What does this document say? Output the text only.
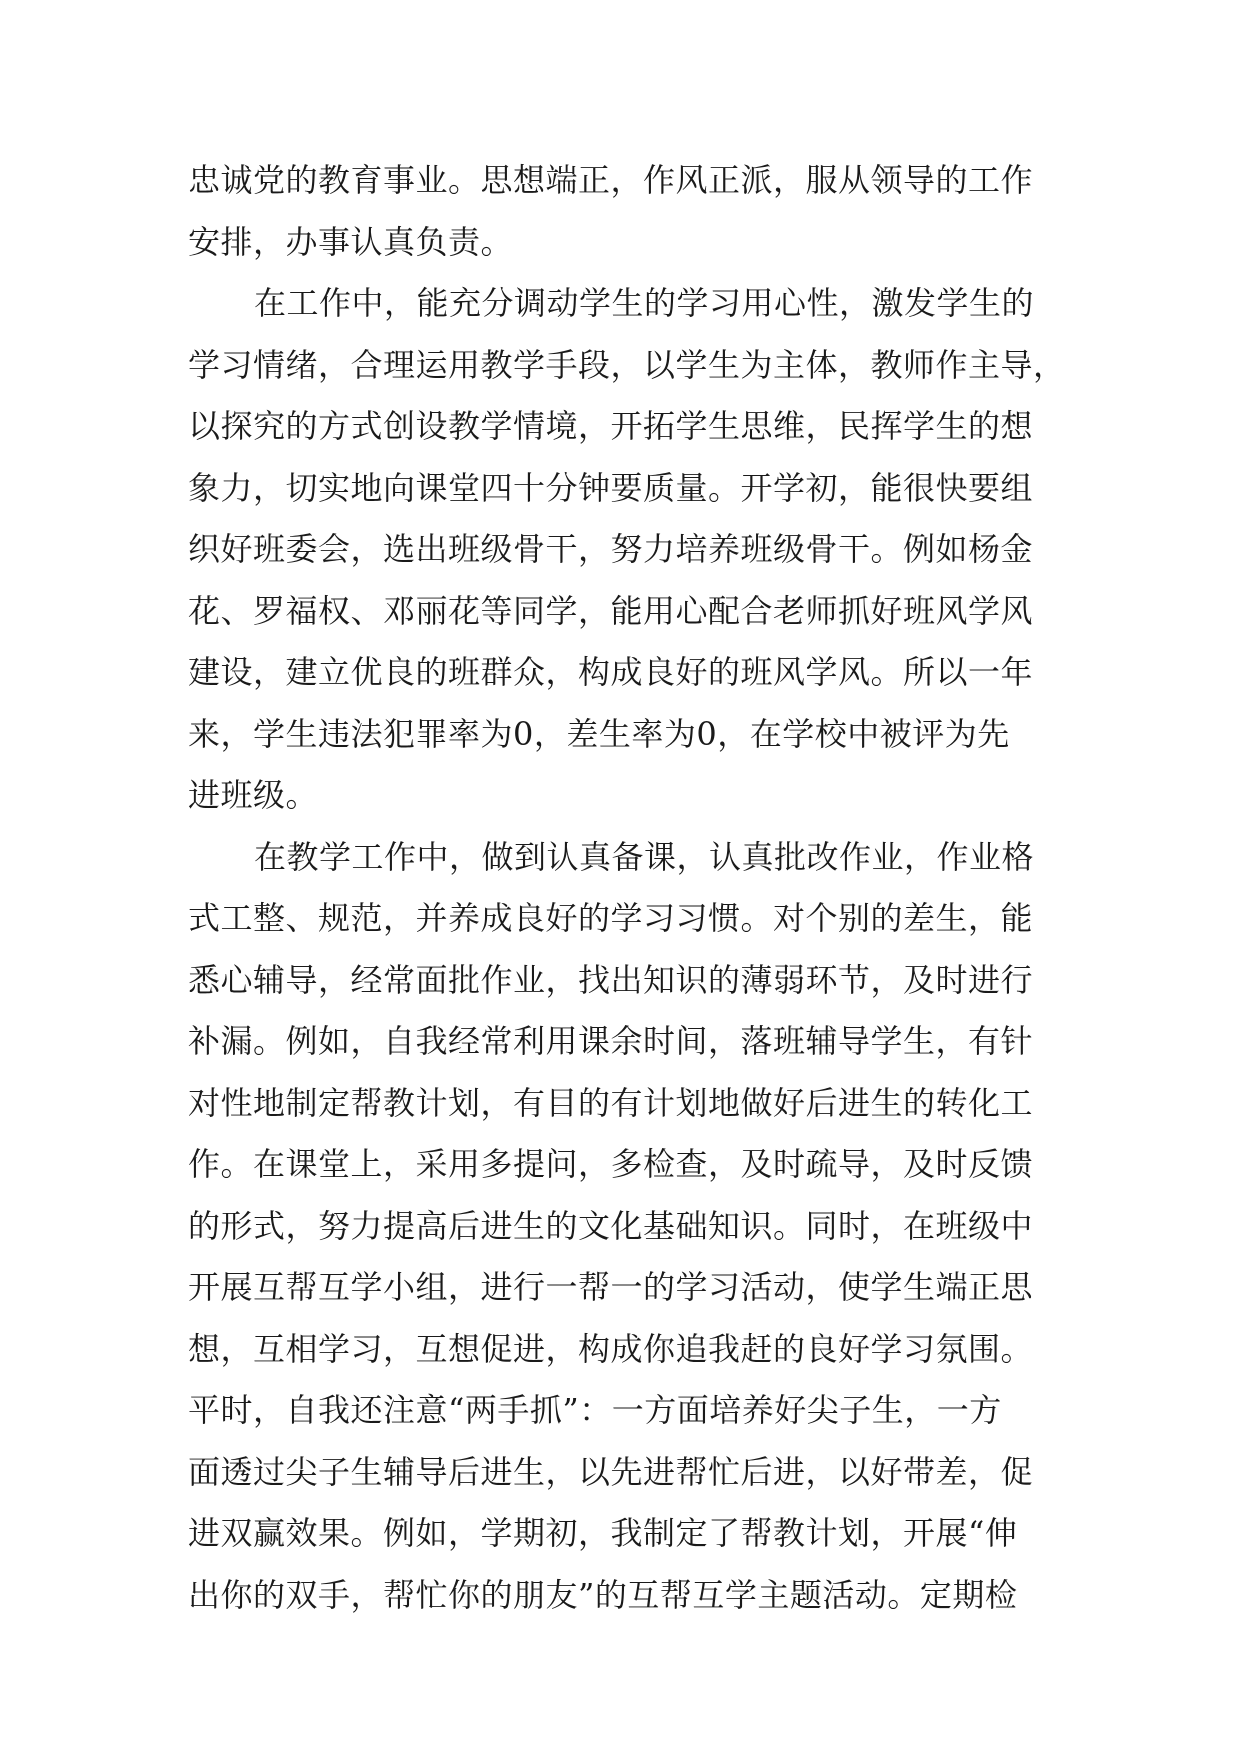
忠诚党的教育事业。思想端正，作风正派，服从领导的工作
安排，办事认真负责。
在工作中，能充分调动学生的学习用心性，激发学生的
学习情绪，合理运用教学手段，以学生为主体，教师作主导，
以探究的方式创设教学情境，开拓学生思维，民挥学生的想
象力，切实地向课堂四十分钟要质量。开学初，能很快要组
织好班委会，选出班级骨干，努力培养班级骨干。例如杨金
花、罗福权、邓丽花等同学，能用心配合老师抓好班风学风
建设，建立优良的班群众，构成良好的班风学风。所以一年
来，学生违法犯罪率为0，差生率为0，在学校中被评为先
进班级。
在教学工作中，做到认真备课，认真批改作业，作业格
式工整、规范，并养成良好的学习习惯。对个别的差生，能
悉心辅导，经常面批作业，找出知识的薄弱环节，及时进行
补漏。例如，自我经常利用课余时间，落班辅导学生，有针
对性地制定帮教计划，有目的有计划地做好后进生的转化工
作。在课堂上，采用多提问，多检查，及时疏导，及时反馈
的形式，努力提高后进生的文化基础知识。同时，在班级中
开展互帮互学小组，进行一帮一的学习活动，使学生端正思
想，互相学习，互想促进，构成你追我赶的良好学习氛围。
平时，自我还注意“两手抓”：一方面培养好尖子生，一方
面透过尖子生辅导后进生，以先进帮忙后进，以好带差，促
进双赢效果。例如，学期初，我制定了帮教计划，开展“伸
出你的双手，帮忙你的朋友”的互帮互学主题活动。定期检
